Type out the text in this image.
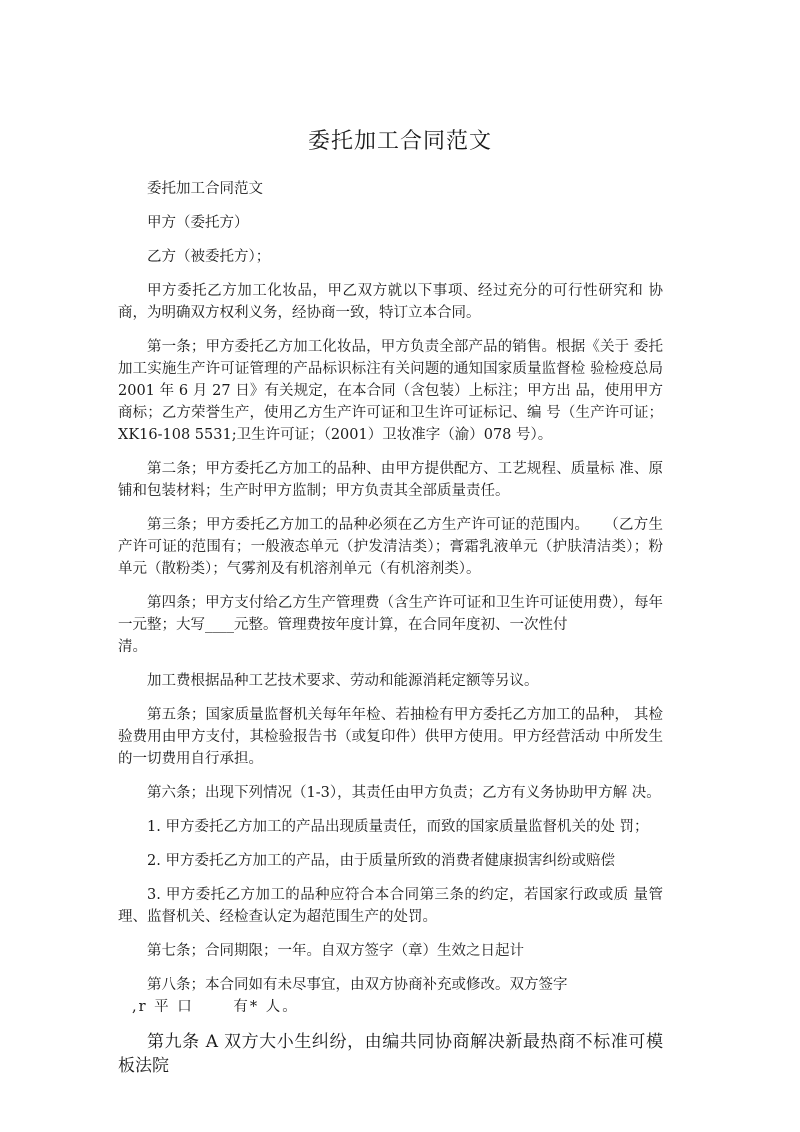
委托加工合同范文

委托加工合同范文

甲方（委托方）

乙方（被委托方）；

甲方委托乙方加工化妆品，甲乙双方就以下事项、经过充分的可行性研究和 协商，为明确双方权利义务，经协商一致，特订立本合同。

第一条；甲方委托乙方加工化妆品，甲方负责全部产品的销售。根据《关于 委托加工实施生产许可证管理的产品标识标注有关问题的通知国家质量监督检 验检疫总局 2001 年 6 月 27 日》有关规定，在本合同（含包装）上标注；甲方出 品，使用甲方商标；乙方荣誉生产，使用乙方生产许可证和卫生许可证标记、编 号（生产许可证；XK16-108 5531;卫生许可证；（2001）卫妆准字（渝）078 号）。

第二条；甲方委托乙方加工的品种、由甲方提供配方、工艺规程、质量标 准、原铺和包装材料；生产时甲方监制；甲方负责其全部质量责任。

第三条；甲方委托乙方加工的品种必须在乙方生产许可证的范围内。　　（乙方生产许可证的范围有；一般液态单元（护发清洁类）；膏霜乳液单元（护肤清洁类）；粉单元（散粉类）；气雾剂及有机溶剂单元（有机溶剂类）。

第四条；甲方支付给乙方生产管理费（含生产许可证和卫生许可证使用费），每年一元整；大写____元整。管理费按年度计算，在合同年度初、一次性付

清。

加工费根据品种工艺技术要求、劳动和能源消耗定额等另议。

第五条；国家质量监督机关每年年检、若抽检有甲方委托乙方加工的品种， 其检验费用由甲方支付，其检验报告书（或复印件）供甲方使用。甲方经营活动 中所发生的一切费用自行承担。

第六条；出现下列情况（1-3），其责任由甲方负责；乙方有义务协助甲方解 决。

1. 甲方委托乙方加工的产品出现质量责任，而致的国家质量监督机关的处 罚；

2. 甲方委托乙方加工的产品，由于质量所致的消费者健康损害纠纷或赔偿

3. 甲方委托乙方加工的品种应符合本合同第三条的约定，若国家行政或质 量管理、监督机关、经检查认定为超范围生产的处罚。

第七条；合同期限；一年。自双方签字（章）生效之日起计

第八条；本合同如有未尽事宜，由双方协商补充或修改。双方签字

,r 平 口　　 有* 人。

第九条 A 双方大小生纠纷，由编共同协商解决新最热商不标准可模板法院
